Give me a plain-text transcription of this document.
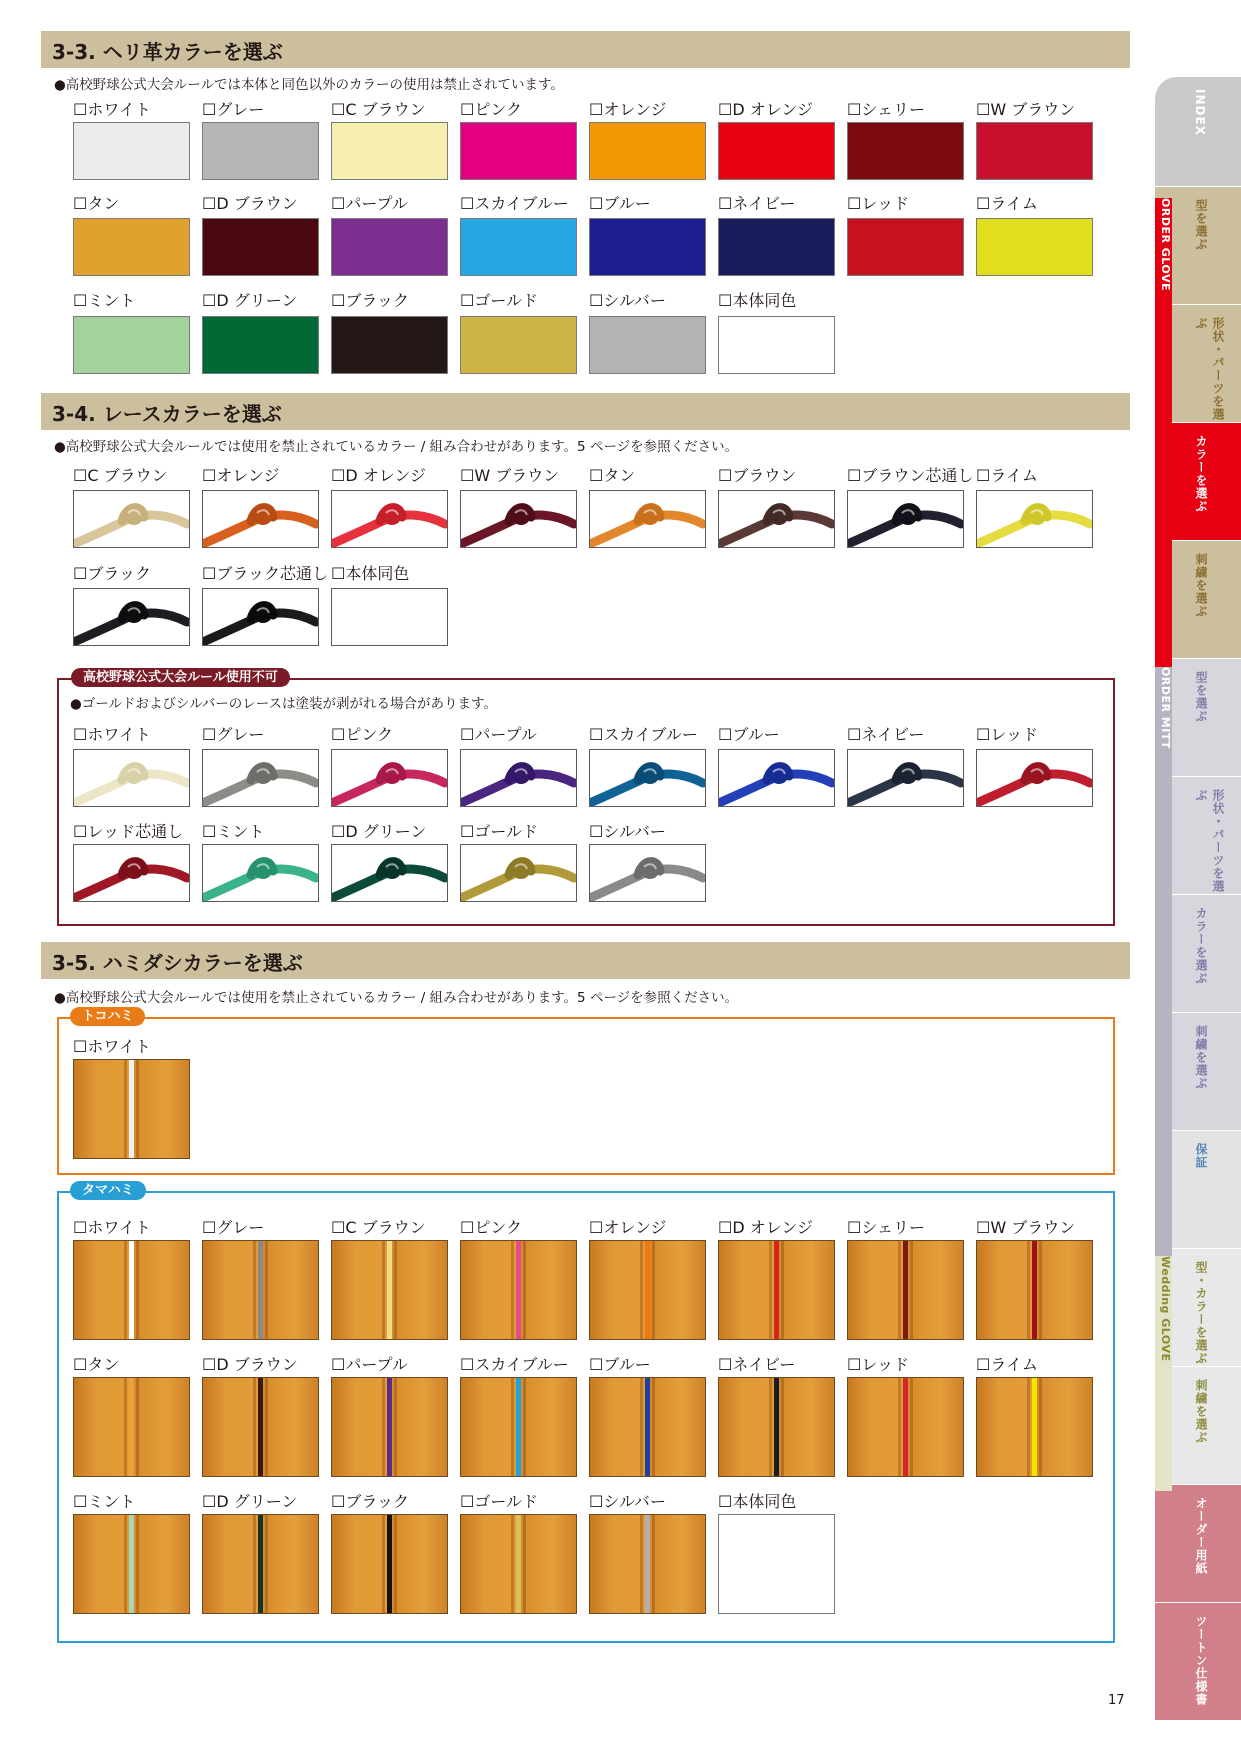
3-3. ヘリ革カラーを選ぶ
●高校野球公式大会ルールでは本体と同色以外のカラーの使用は禁止されています。
☐ホワイト	☐グレー	☐C ブラウン ☐ピンク	☐オレンジ	☐D オレンジ ☐シェリー	☐W ブラウン
☐タン	☐D ブラウン ☐パープル	☐スカイブルー ☐ブルー	☐ネイビー	☐レッド	☐ライム
☐ミント	☐D グリーン ☐ブラック	☐ゴールド	☐シルバー	☐本体同色
3-4. レースカラーを選ぶ
●高校野球公式大会ルールでは使用を禁止されているカラー / 組み合わせがあります。5 ページを参照ください。
☐C ブラウン ☐オレンジ	☐D オレンジ ☐W ブラウン ☐タン	☐ブラウン	☐ブラウン芯通し ☐ライム
☐ブラック	☐ブラック芯通し ☐本体同色
高校野球公式大会ルール使用不可
●ゴールドおよびシルバーのレースは塗装が剥がれる場合があります。
☐ホワイト	☐グレー	☐ピンク	☐パープル	☐スカイブルー ☐ブルー	☐ネイビー	☐レッド
☐レッド芯通し ☐ミント	☐D グリーン ☐ゴールド	☐シルバー
3-5. ハミダシカラーを選ぶ
●高校野球公式大会ルールでは使用を禁止されているカラー / 組み合わせがあります。5 ページを参照ください。
トコハミ
☐ホワイト
タマハミ
☐ホワイト	☐グレー	☐C ブラウン ☐ピンク	☐オレンジ	☐D オレンジ ☐シェリー	☐W ブラウン
☐タン	☐D ブラウン ☐パープル	☐スカイブルー ☐ブルー	☐ネイビー	☐レッド	☐ライム
☐ミント	☐D グリーン ☐ブラック	☐ゴールド	☐シルバー	☐本体同色
INDEX
型を選ぶ
形状・パーツを選ぶ
カラーを選ぶ
刺繍を選ぶ
型を選ぶ
形状・パーツを選ぶ
カラーを選ぶ
刺繍を選ぶ
保証
型・カラーを選ぶ
刺繍を選ぶ
オーダー用紙
ツートン仕様書
ORDER GLOVE
ORDER MITT
Wedding GLOVE
17
